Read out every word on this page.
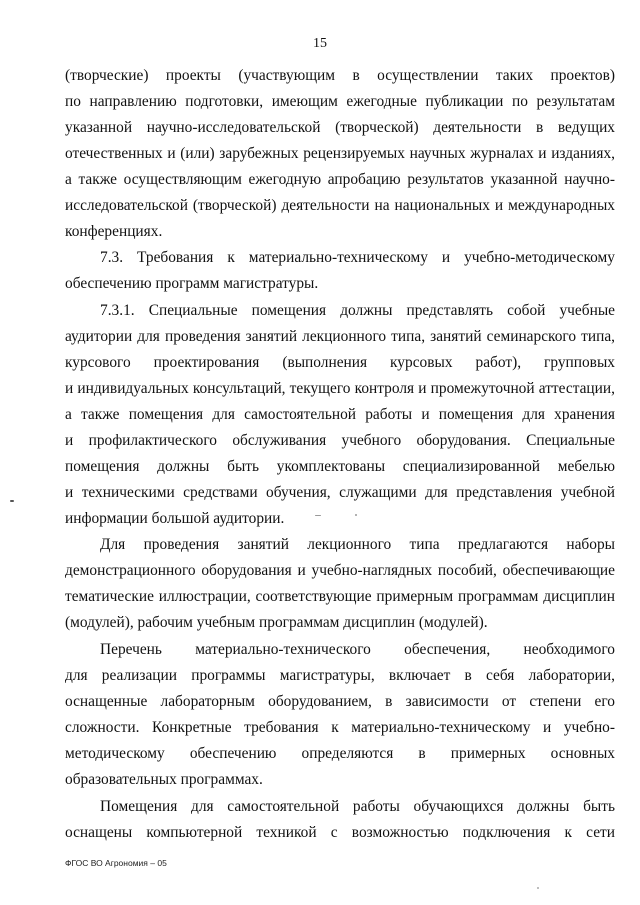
15
(творческие) проекты (участвующим в осуществлении таких проектов)
по направлению подготовки, имеющим ежегодные публикации по результатам
указанной научно-исследовательской (творческой) деятельности в ведущих
отечественных и (или) зарубежных рецензируемых научных журналах и изданиях,
а также осуществляющим ежегодную апробацию результатов указанной научно-
исследовательской (творческой) деятельности на национальных и международных
конференциях.
7.3. Требования к материально-техническому и учебно-методическому
обеспечению программ магистратуры.
7.3.1. Специальные помещения должны представлять собой учебные
аудитории для проведения занятий лекционного типа, занятий семинарского типа,
курсового проектирования (выполнения курсовых работ), групповых
и индивидуальных консультаций, текущего контроля и промежуточной аттестации,
а также помещения для самостоятельной работы и помещения для хранения
и профилактического обслуживания учебного оборудования. Специальные
помещения должны быть укомплектованы специализированной мебелью
и техническими средствами обучения, служащими для представления учебной
информации большой аудитории.
Для проведения занятий лекционного типа предлагаются наборы
демонстрационного оборудования и учебно-наглядных пособий, обеспечивающие
тематические иллюстрации, соответствующие примерным программам дисциплин
(модулей), рабочим учебным программам дисциплин (модулей).
Перечень материально-технического обеспечения, необходимого
для реализации программы магистратуры, включает в себя лаборатории,
оснащенные лабораторным оборудованием, в зависимости от степени его
сложности. Конкретные требования к материально-техническому и учебно-
методическому обеспечению определяются в примерных основных
образовательных программах.
Помещения для самостоятельной работы обучающихся должны быть
оснащены компьютерной техникой с возможностью подключения к сети
ФГОС ВО Агрономия – 05
